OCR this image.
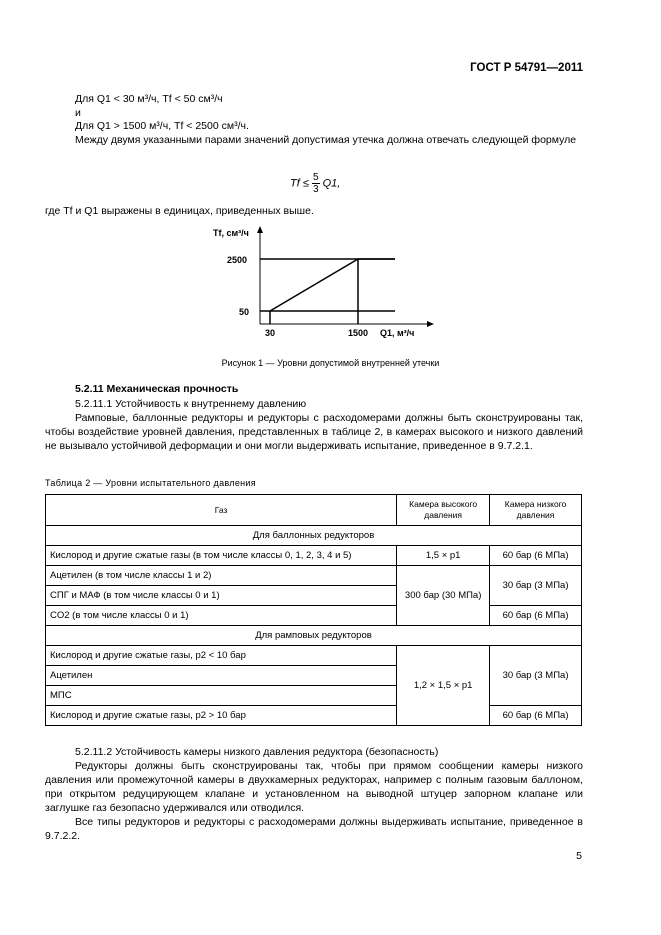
ГОСТ Р 54791—2011
Для Q1 < 30 м³/ч, Tf < 50 см³/ч
и
Для Q1 > 1500 м³/ч, Tf < 2500 см³/ч.
Между двумя указанными парами значений допустимая утечка должна отвечать следующей формуле
$Tf \le \frac{5}{3} Q1$,
где Tf и Q1 выражены в единицах, приведенных выше.
Tf, см³/ч
2500
50
30	1500 Q1, м³/ч
Рисунок 1 — Уровни допустимой внутренней утечки
5.2.11 Механическая прочность
5.2.11.1 Устойчивость к внутреннему давлению
Рамповые, баллонные редукторы и редукторы с расходомерами должны быть сконструированы так, чтобы воздействие уровней давления, представленных в таблице 2, в камерах высокого и низкого давлений не вызывало устойчивой деформации и они могли выдерживать испытание, приведенное в 9.7.2.1.
Таблица 2 — Уровни испытательного давления
Газ	Камера высокого давления	Камера низкого давления
Для баллонных редукторов		
Кислород и другие сжатые газы (в том числе классы 0, 1, 2, 3, 4 и 5)	1,5 × p1	60 бар (6 МПа)
Ацетилен (в том числе классы 1 и 2)	300 бар (30 МПа)	30 бар (3 МПа)
СПГ и МАФ (в том числе классы 0 и 1)		
CO2 (в том числе классы 0 и 1)		60 бар (6 МПа)
Для рамповых редукторов		
Кислород и другие сжатые газы, p2 < 10 бар	1,2 × 1,5 × p1	30 бар (3 МПа)
Ацетилен		
МПС		
Кислород и другие сжатые газы, p2 > 10 бар		60 бар (6 МПа)
5.2.11.2 Устойчивость камеры низкого давления редуктора (безопасность)
Редукторы должны быть сконструированы так, чтобы при прямом сообщении камеры низкого давления или промежуточной камеры в двухкамерных редукторах, например с полным газовым баллоном, при открытом редуцирующем клапане и установленном на выводной штуцер запорном клапане или заглушке газ безопасно удерживался или отводился.
Все типы редукторов и редукторы с расходомерами должны выдерживать испытание, приведенное в 9.7.2.2.
5
